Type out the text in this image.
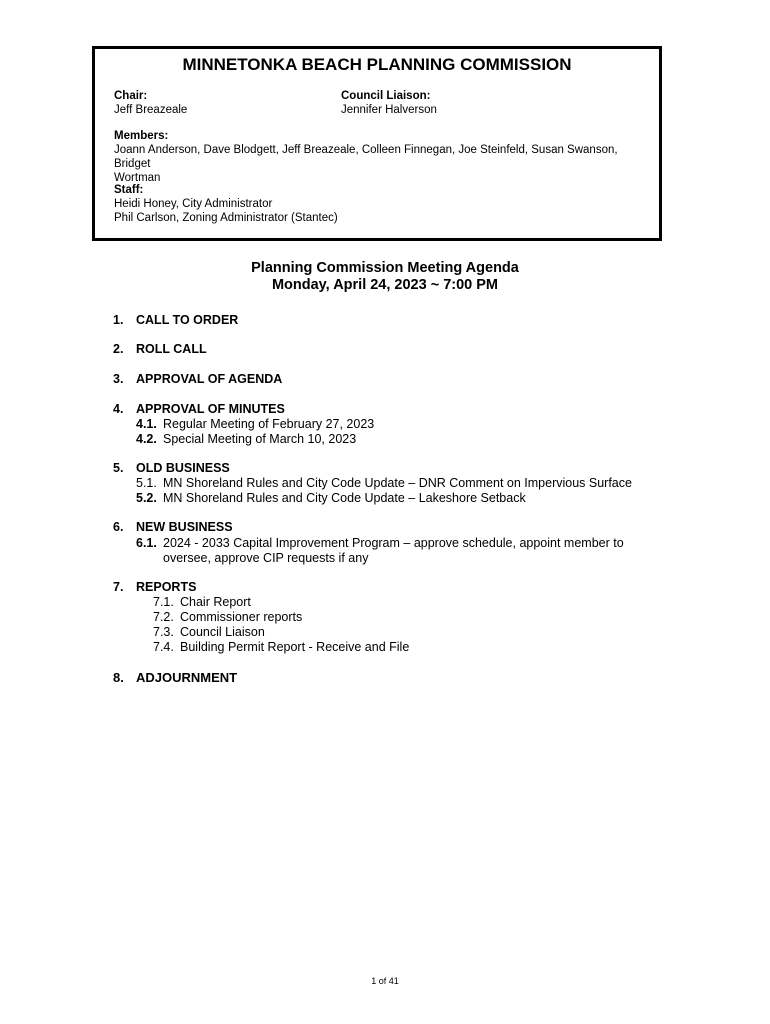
MINNETONKA BEACH PLANNING COMMISSION
Chair:
Jeff Breazeale
Council Liaison:
Jennifer Halverson
Members:
Joann Anderson, Dave Blodgett, Jeff Breazeale, Colleen Finnegan, Joe Steinfeld, Susan Swanson, Bridget
Wortman
Staff:
Heidi Honey, City Administrator
Phil Carlson, Zoning Administrator (Stantec)
Planning Commission Meeting Agenda
Monday, April 24, 2023 ~ 7:00 PM
1. CALL TO ORDER
2. ROLL CALL
3. APPROVAL OF AGENDA
4. APPROVAL OF MINUTES
4.1. Regular Meeting of February 27, 2023
4.2. Special Meeting of March 10, 2023
5. OLD BUSINESS
5.1. MN Shoreland Rules and City Code Update – DNR Comment on Impervious Surface
5.2. MN Shoreland Rules and City Code Update – Lakeshore Setback
6. NEW BUSINESS
6.1. 2024 - 2033 Capital Improvement Program – approve schedule, appoint member to
oversee, approve CIP requests if any
7. REPORTS
7.1. Chair Report
7.2. Commissioner reports
7.3. Council Liaison
7.4. Building Permit Report - Receive and File
8. ADJOURNMENT
1 of 41
